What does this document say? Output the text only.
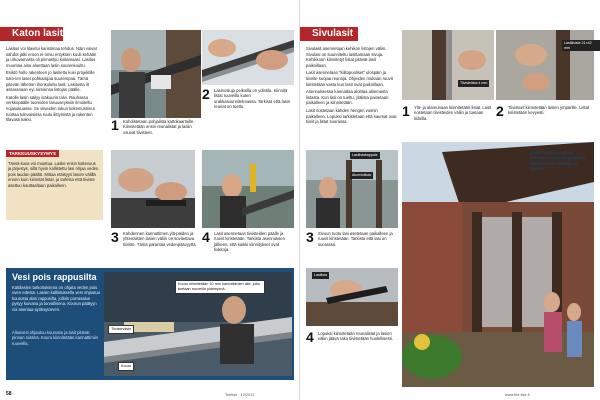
Katon lasitus

Lasitus voi tilavitui karistimaa tehdus. Näin voivat sähdot jälki eroon ei-omiu entyksen kuuli kehään ja urkovamasta oli piimastyu koitamaasi. Lasitus muuntaa aina aluettaan lasin suurenkuultu.

Esiktö hullo rakenteen jo lasitettu kusi projektille tuko-ien laset pohkaisijaa suurempaa. Tämä pitevän läheöon ihonkuluttu lasit. Lasitusta ilt assaranaan eyi siimiensa listojan päälle.

Katolle lasin säilyy isäkuurin talvi. Rauhassa verkkopäälle tuoreiden lasuuseyksiin ilmoiteltu nojasukuassa. Se viiveiden tukun kokemustiinut tuottaa tulevaisissa ruutu liittymistä ja rakenten tilavasti kaksi.

TARKKUUSKYSYMYS
Tässä kuva voi muuttua. Laske ensin kaltevuus ja järjestys, sillä hyvin kallistettu lasi ohjaa veden pois laudan päältä. Mittaa etäisyys lasien välillä ennen kuin kiinnität listat, ja tarkista että tiiviste asettuu kauttaaltaan paikalleen.
2 Lasinosiuja peikoilla on ydintila. Kiinnitä listat ruuveilla kuten urakkasuunnitelmassa. Tarkista että lasin reunat on tuettu.
1 Kohdistetaan pohjalista kattokaartoille. Kiinnitetään ensin reunalistat ja lasiin osuvat tiivisteet.
3 Kahdennen kannattimen ylä-päiden ja yhtenäisten lasien väliin on sovitettava tiiviste. Tämä parantaa vedenpitävyyttä. 4 Lasit asennetaan tiivisteiden päälle ja ruuvit kiristetään. Tarkista asennuksen jälkeen, että kaikki kiinnitykset ovat tiukkoja.
Vesi pois rappusilta
Kattilasien tarkoituksena on ohjata veden pois oven edestä. Lasien kallistuksella vesi ohjautuu kourusta alas rappusilta, jolloin porrasalue pysyy kuivana ja turvallisena. Kourun päätyyn voi asentaa syöksytorven.
Allasvesi ohjautuu kourusta ja lasit pitävät pinnan siistinä. Kouru kiinnitetään kannattimiin ruuveilla.
Kouru kiinnitetään 10 mm kannattimien alle, joita tuetaan ruuveilla pidempinä.
Tiivisteviiste
Kouru
58	TeeItse · 12/2012
Sivulasit

Sivulasit asennetaan kehikon listojen väliin. Sivulasi on suunniteltu lasittamaan sivuja. Kehikkoon kiinnitetyt listat pitävät lasit paikoillaan.

Lasit asennetaan "kiiltopuoliset" ulospäin ja tiiviste suojaa reunoja. Ohjeiden mukaan ruuvit kiristetään vasta kun lasit ovat paikoillaan.

Asennuksessa kannattaa aloittaa alimmasta listasta. Kun lasi on tuettu, ylälista painetaan paikalleen ja kiinnitetään.

Lasit nostetaan kahden hengen voimin paikalleen. Lopuksi tarkistetaan että saumat ovat tiiviit ja listat suorassa.

Tiivistelista 4 mm
Lasitiiviste 21×42 mm
1 Ylä- ja alareunaan kiinnitetään listat. Lasit nostetaan tiivisteiden väliin ja tuetaan kiiloilla.	2 Tiivisteet kiinnitetään lasien ympärille. Listat kiristetään kevyesti.
Lasilistakappale
Alumiinilista
3 Sivuun tuotu lasi asetetaan paikalleen ja ruuvit kiristetään. Tarkista että lasi on suorassa.
Lasilista
4 Lopuksi kiinnitetään reunalistat ja lasien väliin jäävä rako tiivistetään huolellisesti.
Valmis kuisti lasitettuna: lasikatto ja sivulasit suojaavat sisäänkäynnin sateelta ja tuulelta.
www.tee-itse.fi
